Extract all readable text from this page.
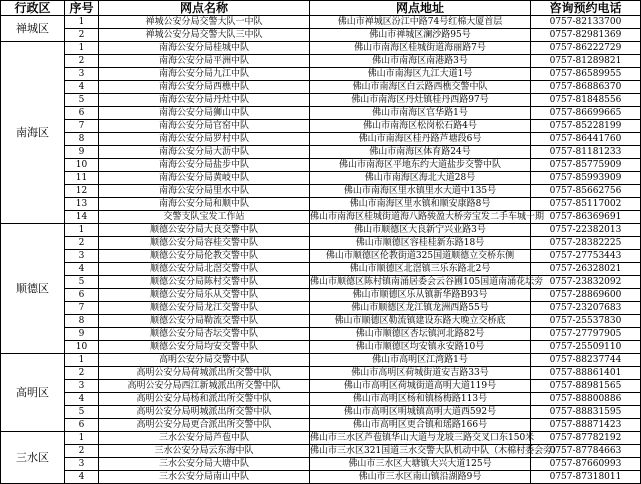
行政区	序号	网点名称	网点地址	咨询预约电话
禅城区	1	禅城公安分局交警大队一中队	佛山市禅城区汾江中路74号红棉大厦首层	0757-82133700
	2	禅城公安分局交警大队三中队	佛山市禅城区澜沙路95号	0757-82981369
南海区	1	南海公安分局桂城中队	佛山市南海区桂城街道海丽路7号	0757-86222729
	2	南海公安分局平洲中队	佛山市南海区南港路3号	0757-81289821
	3	南海公安分局九江中队	佛山市南海区九江大道1号	0757-86589955
	4	南海公安分局西樵中队	佛山市南海区白云路西樵交警中队	0757-86886370
	5	南海公安分局丹灶中队	佛山市南海区丹灶镇桂丹西路97号	0757-81848556
	6	南海公安分局狮山中队	佛山市南海区官华路1号	0757-86699665
	7	南海公安分局官窑中队	佛山市南海区松岗松石路4号	0757-85228199
	8	南海公安分局罗村中队	佛山市南海区桂丹路芦塘段6号	0757-86441760
	9	南海公安分局大沥中队	佛山市南海区体育路24号	0757-81181233
	10	南海公安分局盐步中队	佛山市南海区平地东约大道盐步交警中队	0757-85775909
	11	南海公安分局黄岐中队	佛山市南海区海北大道28号	0757-85993909
	12	南海公安分局里水中队	佛山市南海区里水镇里水大道中135号	0757-85662756
	13	南海公安分局和顺中队	佛山市南海区里水镇和顺安康路8号	0757-85117002
	14	交警支队宝发工作站	佛山市南海区桂城街道海八路骏盈大桥旁宝发二手车城一期	0757-86369691
顺德区	1	顺德公安分局大良交警中队	佛山市顺德区大良新宁兴业路3号	0757-22382013
	2	顺德公安分局容桂交警中队	佛山市顺德区容桂桂新东路18号	0757-28382225
	3	顺德公安分局伦教交警中队	佛山市顺德区伦教街道325国道顺德立交桥东侧	0757-27753443
	4	顺德公安分局北滘交警中队	佛山市顺德区北滘镇三乐东路北2号	0757-26328021
	5	顺德公安分局陈村交警中队	佛山市顺德区陈村镇南涌居委会云谷圃105国道南涌花坛旁	0757-23832092
	6	顺德公安分局乐从交警中队	佛山市顺德区乐从镇新华路B93号	0757-28869600
	7	顺德公安分局龙江交警中队	佛山市顺德区龙江镇龙洲西路55号	0757-23207683
	8	顺德公安分局勒流交警中队	佛山市顺德区勒流镇建设东路大晚立交桥底	0757-25537830
	9	顺德公安分局杏坛交警中队	佛山市顺德区杏坛镇河北路82号	0757-27797905
	10	顺德公安分局均安交警中队	佛山市顺德区均安镇永安路10号	0757-25509110
高明区	1	高明公安分局交警中队	佛山市高明区江湾路1号	0757-88237744
	2	高明公安分局荷城派出所交警中队	佛山市高明区荷城街道安吉路33号	0757-88861401
	3	高明公安分局西江新城派出所交警中队	佛山市高明区荷城街道高明大道119号	0757-88981565
	4	高明公安分局杨和派出所交警中队	佛山市高明区杨和镇杨梅路113号	0757-88800886
	5	高明公安分局明城派出所交警中队	佛山市高明区明城镇高明大道西592号	0757-88831595
	6	高明公安分局更合派出所交警中队	佛山市高明区更合镇和瑶路166号	0757-88871423
三水区	1	三水公安分局芦苞中队	佛山市三水区芦苞镇华山大道与龙坡三路交叉口东150米	0757-87782192
	2	三水公安分局云东海中队	佛山市三水区321国道三水交警大队机动中队（木棉村委会旁）	0757-87784663
	3	三水公安分局大塘中队	佛山市三水区大塘镇大兴大道125号	0757-87660993
	4	三水公安分局南山中队	佛山市三水区南山镇沿湖路9号	0757-87318011
